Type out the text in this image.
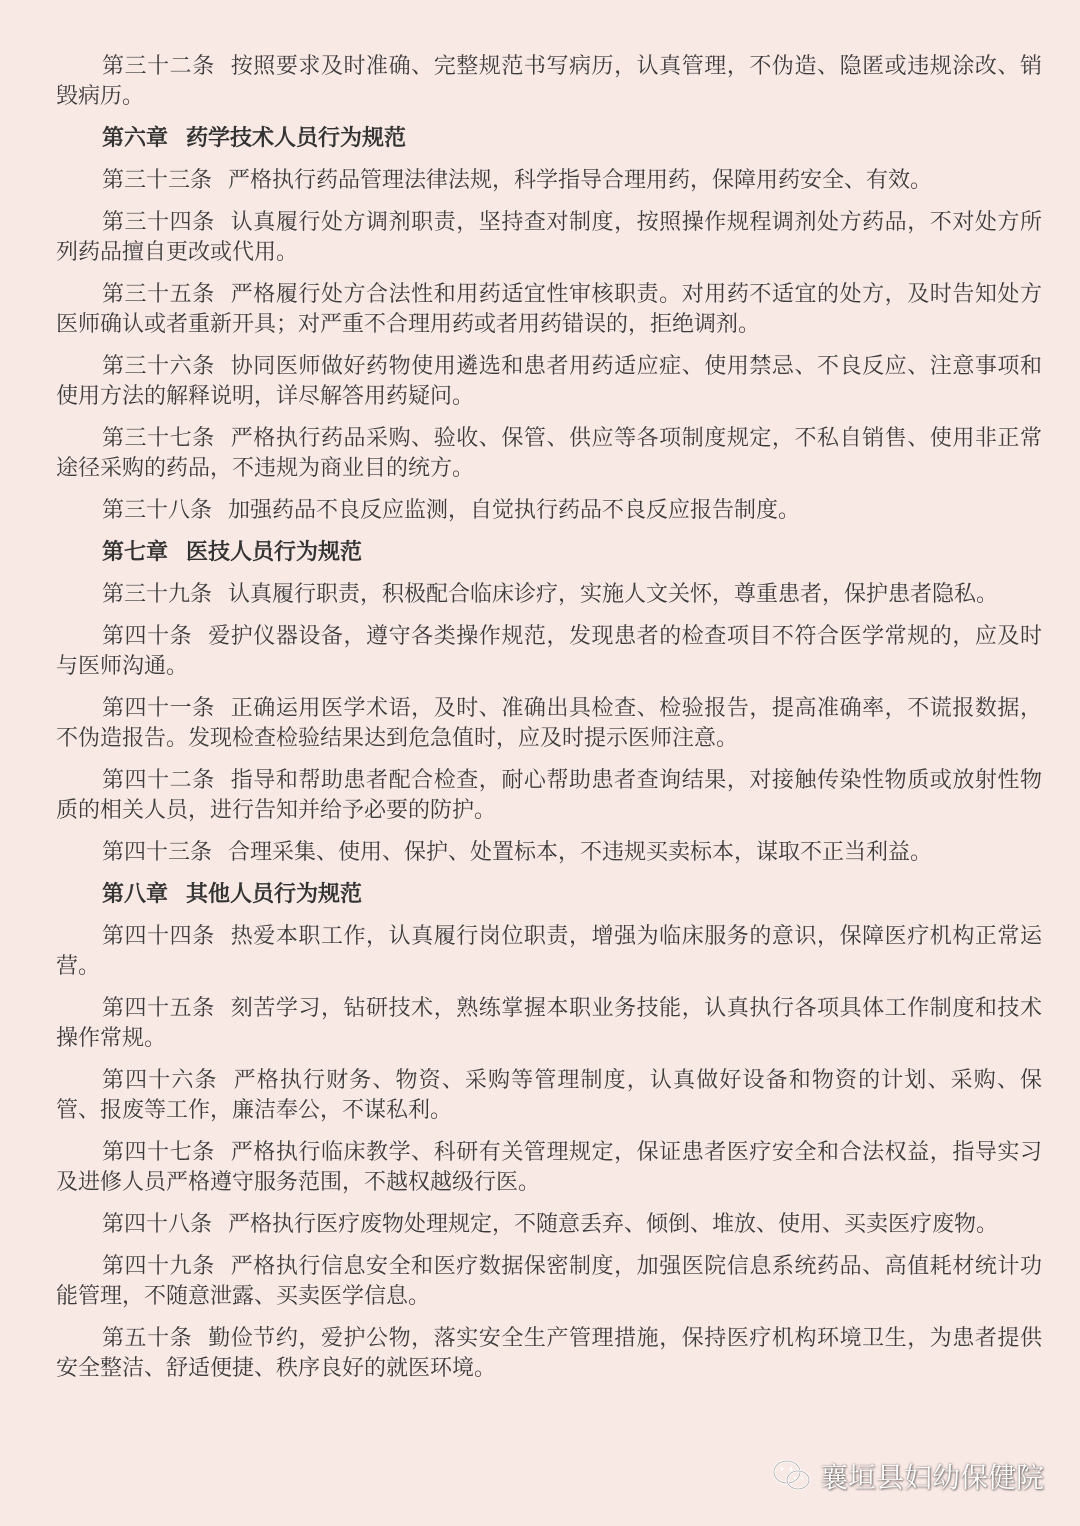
第三十二条 按照要求及时准确、完整规范书写病历，认真管理，不伪造、隐匿或违规涂改、销毁病历。

第六章 药学技术人员行为规范

第三十三条 严格执行药品管理法律法规，科学指导合理用药，保障用药安全、有效。

第三十四条 认真履行处方调剂职责，坚持查对制度，按照操作规程调剂处方药品，不对处方所列药品擅自更改或代用。

第三十五条 严格履行处方合法性和用药适宜性审核职责。对用药不适宜的处方，及时告知处方医师确认或者重新开具；对严重不合理用药或者用药错误的，拒绝调剂。

第三十六条 协同医师做好药物使用遴选和患者用药适应症、使用禁忌、不良反应、注意事项和使用方法的解释说明，详尽解答用药疑问。

第三十七条 严格执行药品采购、验收、保管、供应等各项制度规定，不私自销售、使用非正常途径采购的药品，不违规为商业目的统方。

第三十八条 加强药品不良反应监测，自觉执行药品不良反应报告制度。

第七章 医技人员行为规范

第三十九条 认真履行职责，积极配合临床诊疗，实施人文关怀，尊重患者，保护患者隐私。

第四十条 爱护仪器设备，遵守各类操作规范，发现患者的检查项目不符合医学常规的，应及时与医师沟通。

第四十一条 正确运用医学术语，及时、准确出具检查、检验报告，提高准确率，不谎报数据，不伪造报告。发现检查检验结果达到危急值时，应及时提示医师注意。

第四十二条 指导和帮助患者配合检查，耐心帮助患者查询结果，对接触传染性物质或放射性物质的相关人员，进行告知并给予必要的防护。

第四十三条 合理采集、使用、保护、处置标本，不违规买卖标本，谋取不正当利益。

第八章 其他人员行为规范

第四十四条 热爱本职工作，认真履行岗位职责，增强为临床服务的意识，保障医疗机构正常运营。

第四十五条 刻苦学习，钻研技术，熟练掌握本职业务技能，认真执行各项具体工作制度和技术操作常规。

第四十六条 严格执行财务、物资、采购等管理制度，认真做好设备和物资的计划、采购、保管、报废等工作，廉洁奉公，不谋私利。

第四十七条 严格执行临床教学、科研有关管理规定，保证患者医疗安全和合法权益，指导实习及进修人员严格遵守服务范围，不越权越级行医。

第四十八条 严格执行医疗废物处理规定，不随意丢弃、倾倒、堆放、使用、买卖医疗废物。

第四十九条 严格执行信息安全和医疗数据保密制度，加强医院信息系统药品、高值耗材统计功能管理，不随意泄露、买卖医学信息。

第五十条 勤俭节约，爱护公物，落实安全生产管理措施，保持医疗机构环境卫生，为患者提供安全整洁、舒适便捷、秩序良好的就医环境。

襄垣县妇幼保健院
